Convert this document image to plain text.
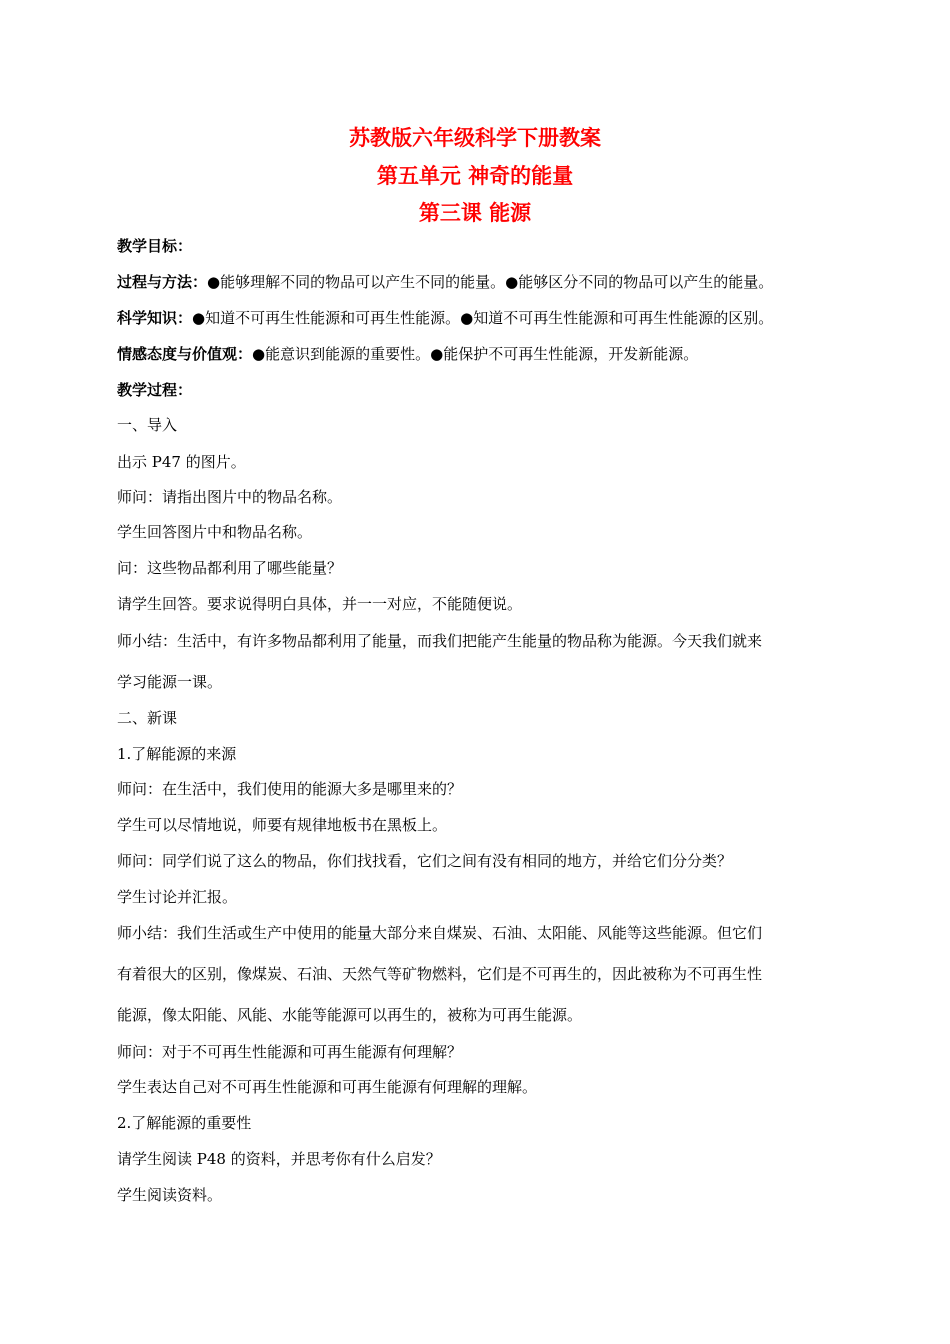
苏教版六年级科学下册教案
第五单元 神奇的能量
第三课 能源
教学目标：
过程与方法：●能够理解不同的物品可以产生不同的能量。●能够区分不同的物品可以产生的能量。
科学知识：●知道不可再生性能源和可再生性能源。●知道不可再生性能源和可再生性能源的区别。
情感态度与价值观：●能意识到能源的重要性。●能保护不可再生性能源，开发新能源。
教学过程：
一、导入
出示 P47 的图片。
师问：请指出图片中的物品名称。
学生回答图片中和物品名称。
问：这些物品都利用了哪些能量？
请学生回答。要求说得明白具体，并一一对应，不能随便说。
师小结：生活中，有许多物品都利用了能量，而我们把能产生能量的物品称为能源。今天我们就来
学习能源一课。
二、新课
1.了解能源的来源
师问：在生活中，我们使用的能源大多是哪里来的？
学生可以尽情地说，师要有规律地板书在黑板上。
师问：同学们说了这么的物品，你们找找看，它们之间有没有相同的地方，并给它们分分类？
学生讨论并汇报。
师小结：我们生活或生产中使用的能量大部分来自煤炭、石油、太阳能、风能等这些能源。但它们
有着很大的区别，像煤炭、石油、天然气等矿物燃料，它们是不可再生的，因此被称为不可再生性
能源，像太阳能、风能、水能等能源可以再生的，被称为可再生能源。
师问：对于不可再生性能源和可再生能源有何理解？
学生表达自己对不可再生性能源和可再生能源有何理解的理解。
2.了解能源的重要性
请学生阅读 P48 的资料，并思考你有什么启发？
学生阅读资料。
